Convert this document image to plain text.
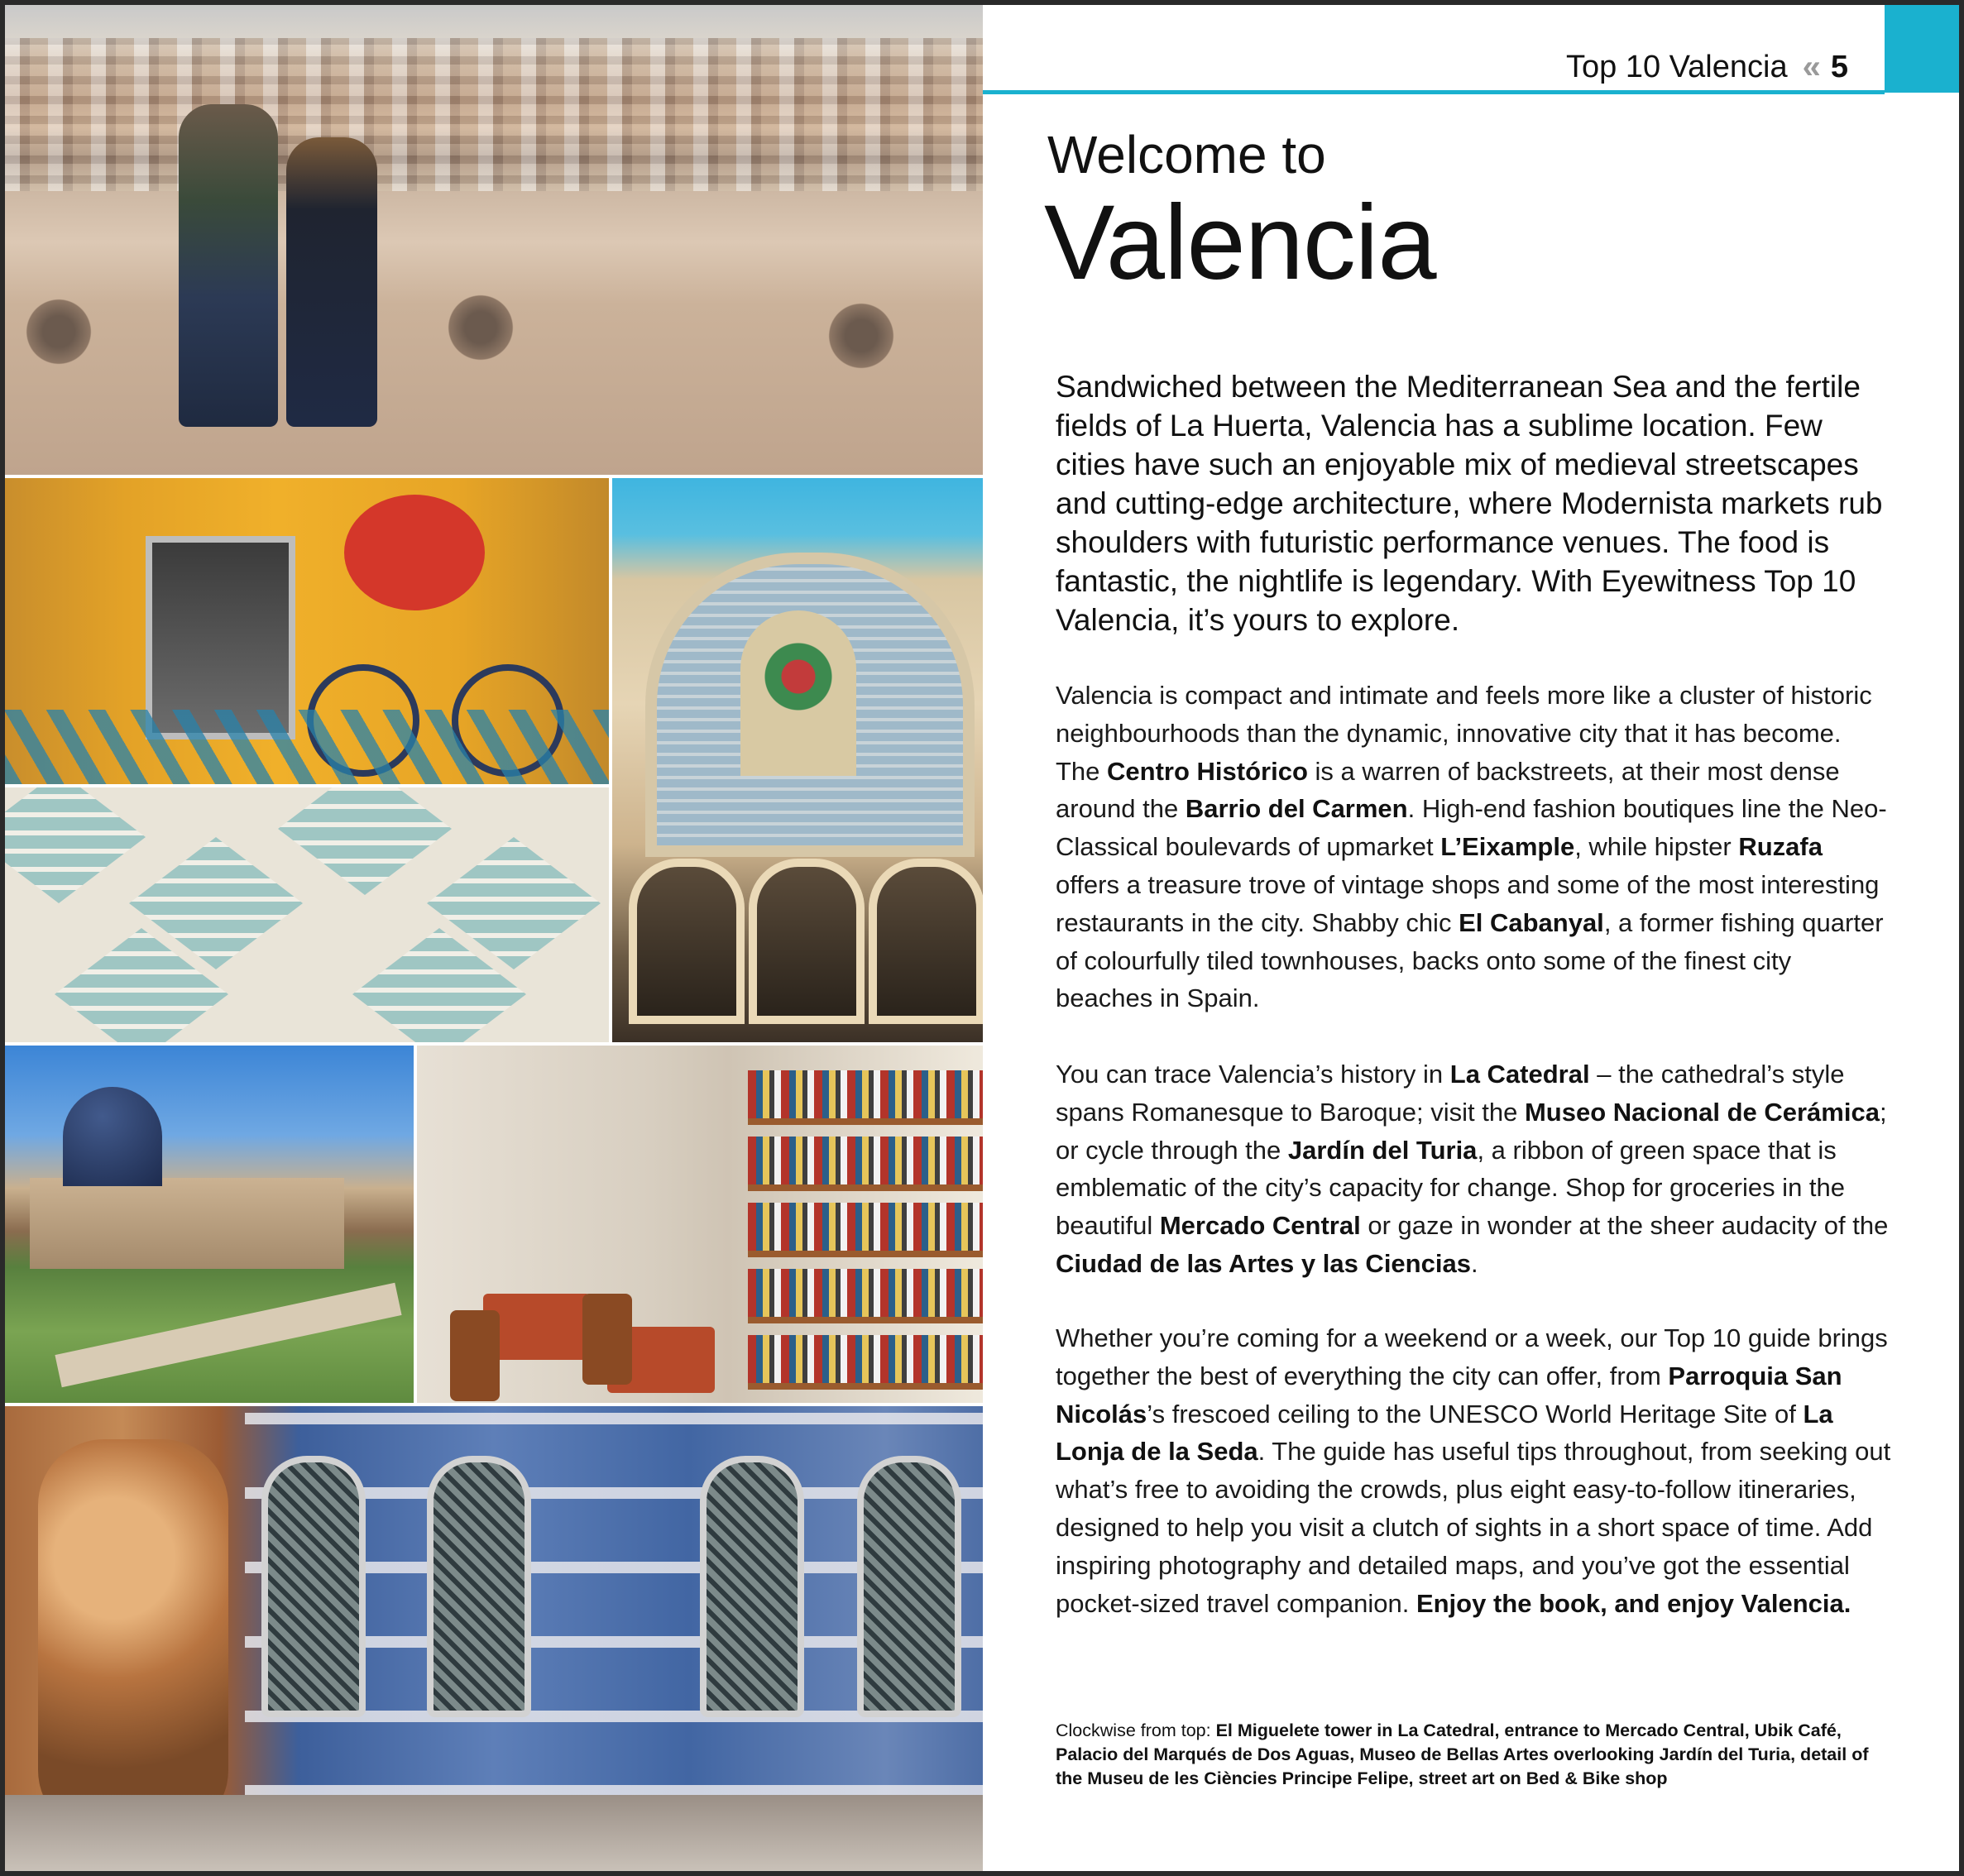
Top 10 Valencia « 5
Welcome to
Valencia
Sandwiched between the Mediterranean Sea and the fertile fields of La Huerta, Valencia has a sublime location. Few cities have such an enjoyable mix of medieval streetscapes and cutting-edge architecture, where Modernista markets rub shoulders with futuristic performance venues. The food is fantastic, the nightlife is legendary. With Eyewitness Top 10 Valencia, it’s yours to explore.
Valencia is compact and intimate and feels more like a cluster of historic neighbourhoods than the dynamic, innovative city that it has become. The Centro Histórico is a warren of backstreets, at their most dense around the Barrio del Carmen. High-end fashion boutiques line the Neo-Classical boulevards of upmarket L’Eixample, while hipster Ruzafa offers a treasure trove of vintage shops and some of the most interesting restaurants in the city. Shabby chic El Cabanyal, a former fishing quarter of colourfully tiled townhouses, backs onto some of the finest city beaches in Spain.
You can trace Valencia’s history in La Catedral – the cathedral’s style spans Romanesque to Baroque; visit the Museo Nacional de Cerámica; or cycle through the Jardín del Turia, a ribbon of green space that is emblematic of the city’s capacity for change. Shop for groceries in the beautiful Mercado Central or gaze in wonder at the sheer audacity of the Ciudad de las Artes y las Ciencias.
Whether you’re coming for a weekend or a week, our Top 10 guide brings together the best of everything the city can offer, from Parroquia San Nicolás’s frescoed ceiling to the UNESCO World Heritage Site of La Lonja de la Seda. The guide has useful tips throughout, from seeking out what’s free to avoiding the crowds, plus eight easy-to-follow itineraries, designed to help you visit a clutch of sights in a short space of time. Add inspiring photography and detailed maps, and you’ve got the essential pocket-sized travel companion. Enjoy the book, and enjoy Valencia.
Clockwise from top: El Miguelete tower in La Catedral, entrance to Mercado Central, Ubik Café, Palacio del Marqués de Dos Aguas, Museo de Bellas Artes overlooking Jardín del Turia, detail of the Museu de les Ciències Principe Felipe, street art on Bed & Bike shop
